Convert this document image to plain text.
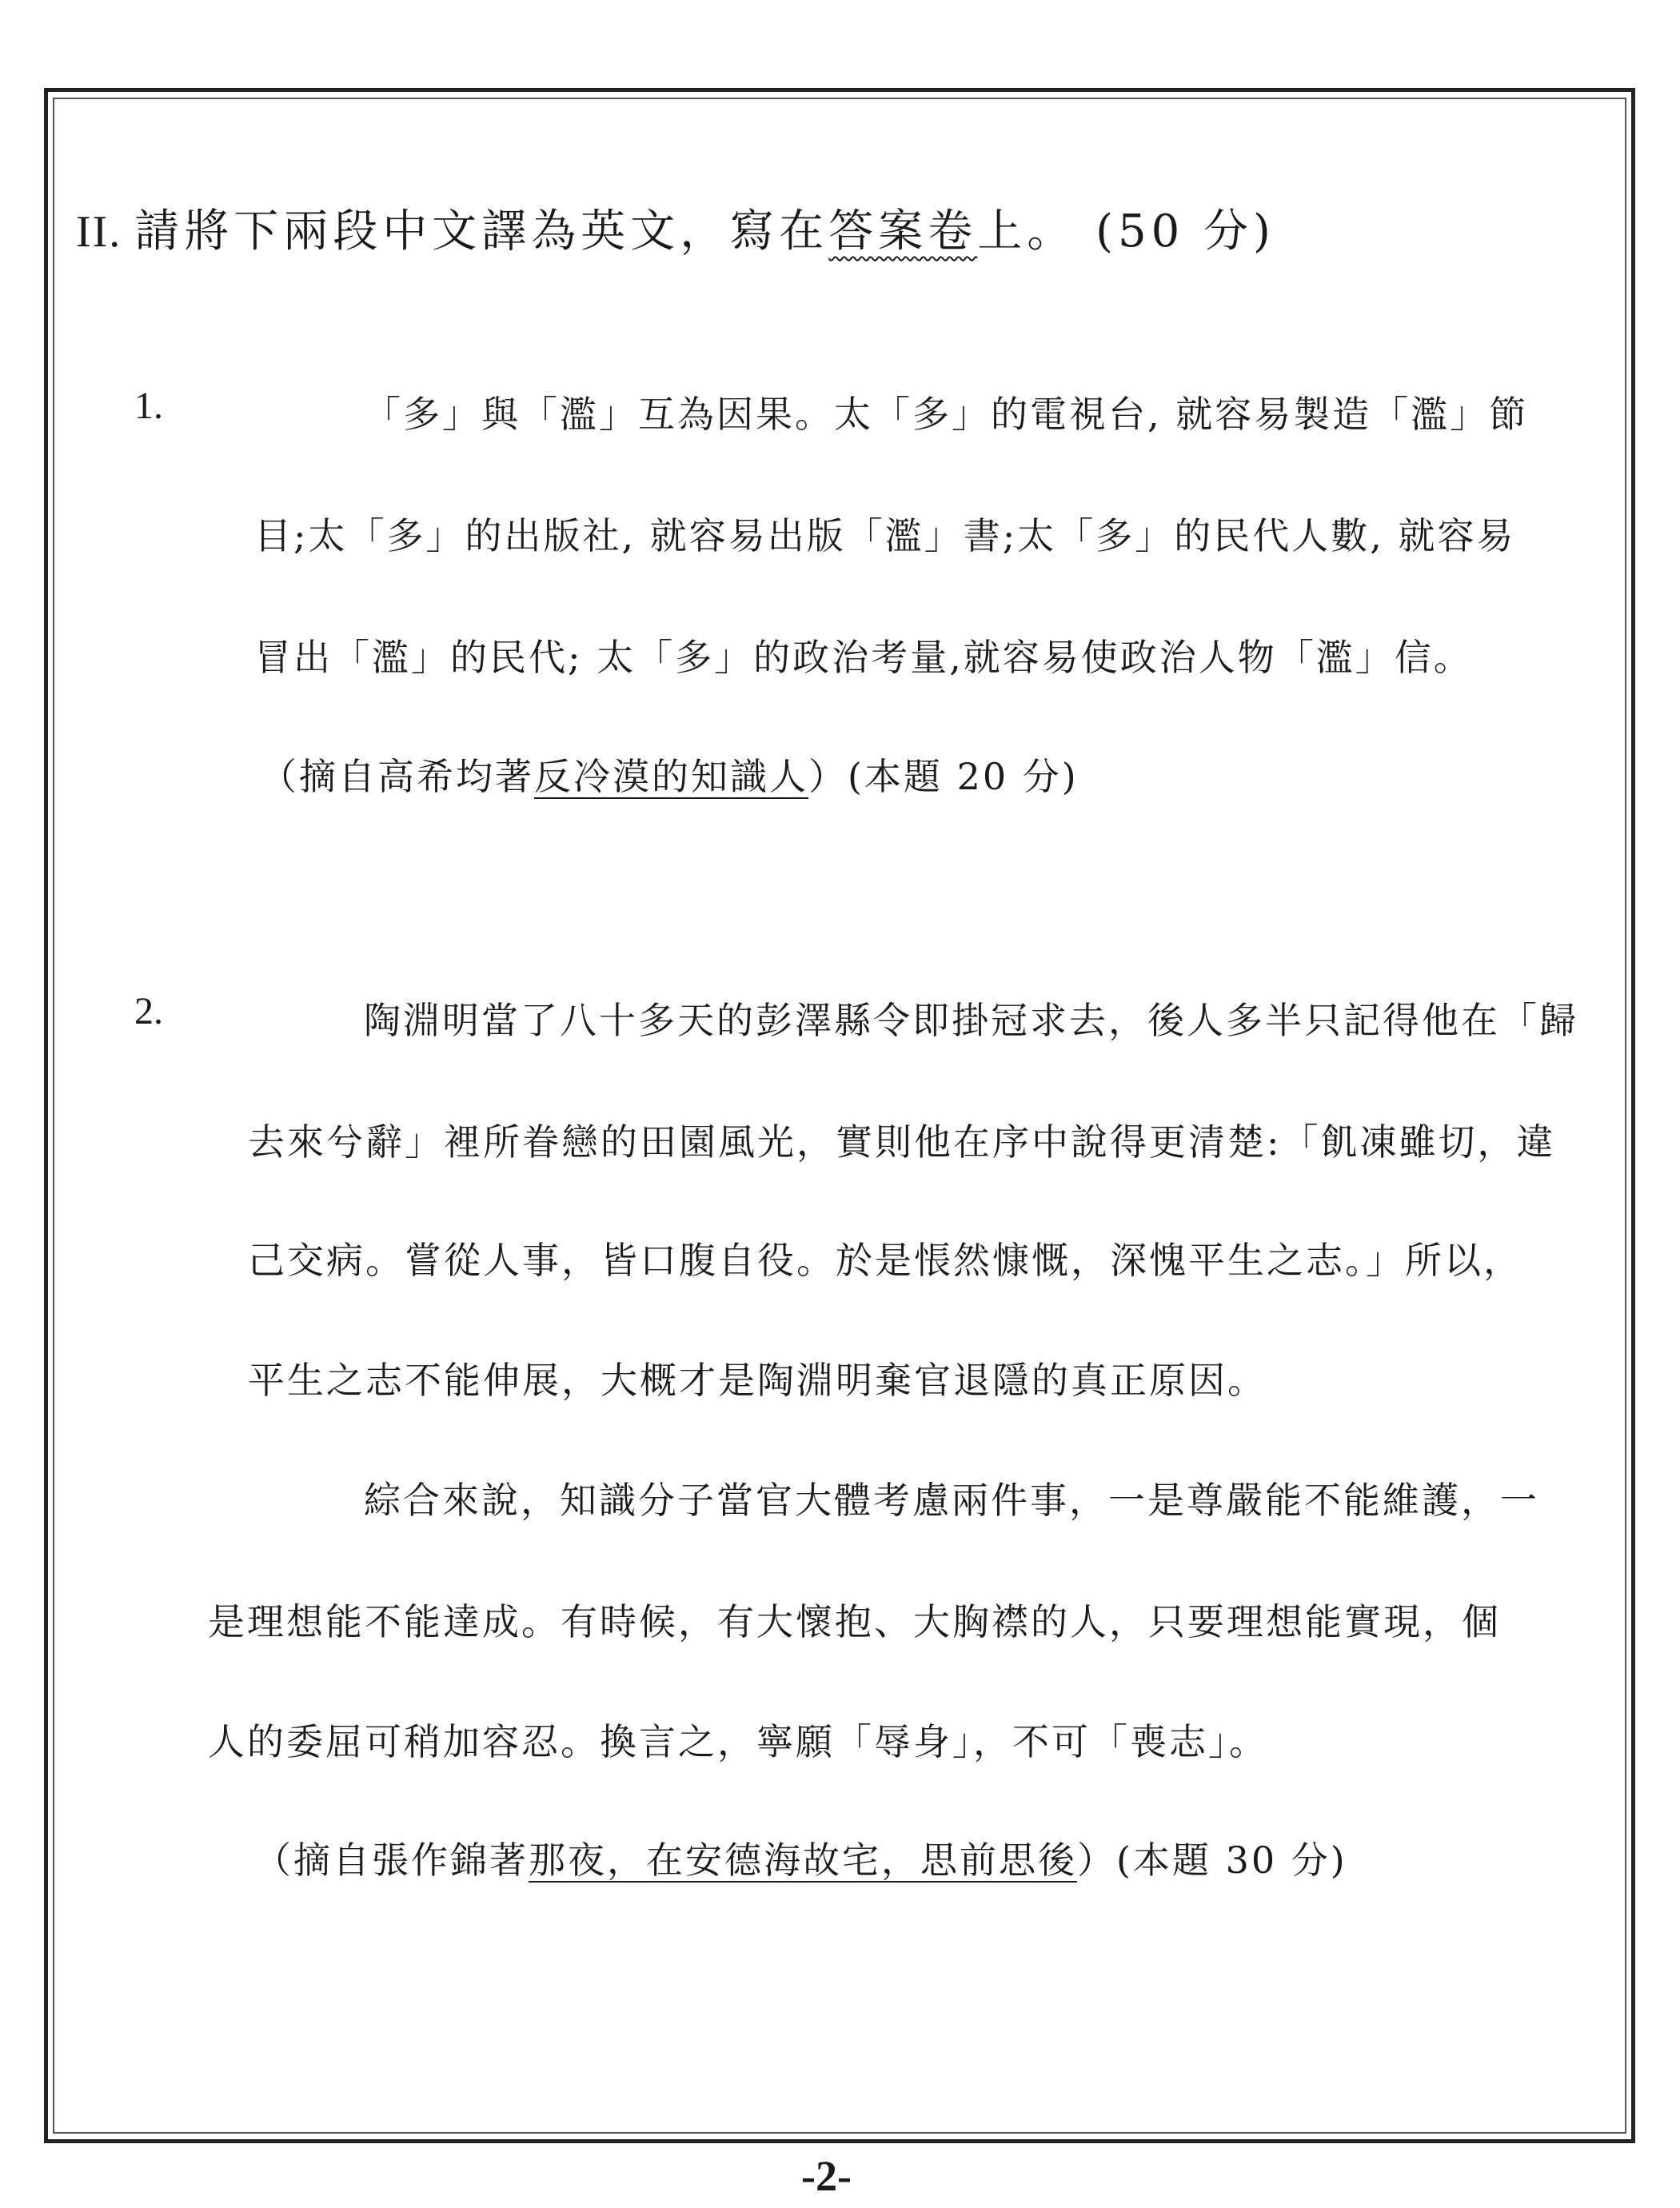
II. 請將下兩段中文譯為英文，寫在答案卷上。 (50 分)
1.	「多」與「濫」互為因果。太「多」的電視台, 就容易製造「濫」節
目;太「多」的出版社, 就容易出版「濫」書;太「多」的民代人數, 就容易
冒出「濫」的民代; 太「多」的政治考量,就容易使政治人物「濫」信。
（摘自高希均著反冷漠的知識人）(本題 20 分)
2.	陶淵明當了八十多天的彭澤縣令即掛冠求去，後人多半只記得他在「歸
去來兮辭」裡所眷戀的田園風光，實則他在序中說得更清楚:「飢凍雖切，違
己交病。嘗從人事，皆口腹自役。於是悵然慷慨，深愧平生之志。」所以，
平生之志不能伸展，大概才是陶淵明棄官退隱的真正原因。
綜合來說，知識分子當官大體考慮兩件事，一是尊嚴能不能維護，一
是理想能不能達成。有時候，有大懷抱、大胸襟的人，只要理想能實現，個
人的委屈可稍加容忍。換言之，寧願「辱身」，不可「喪志」。
（摘自張作錦著那夜，在安德海故宅，思前思後）(本題 30 分)
-2-
